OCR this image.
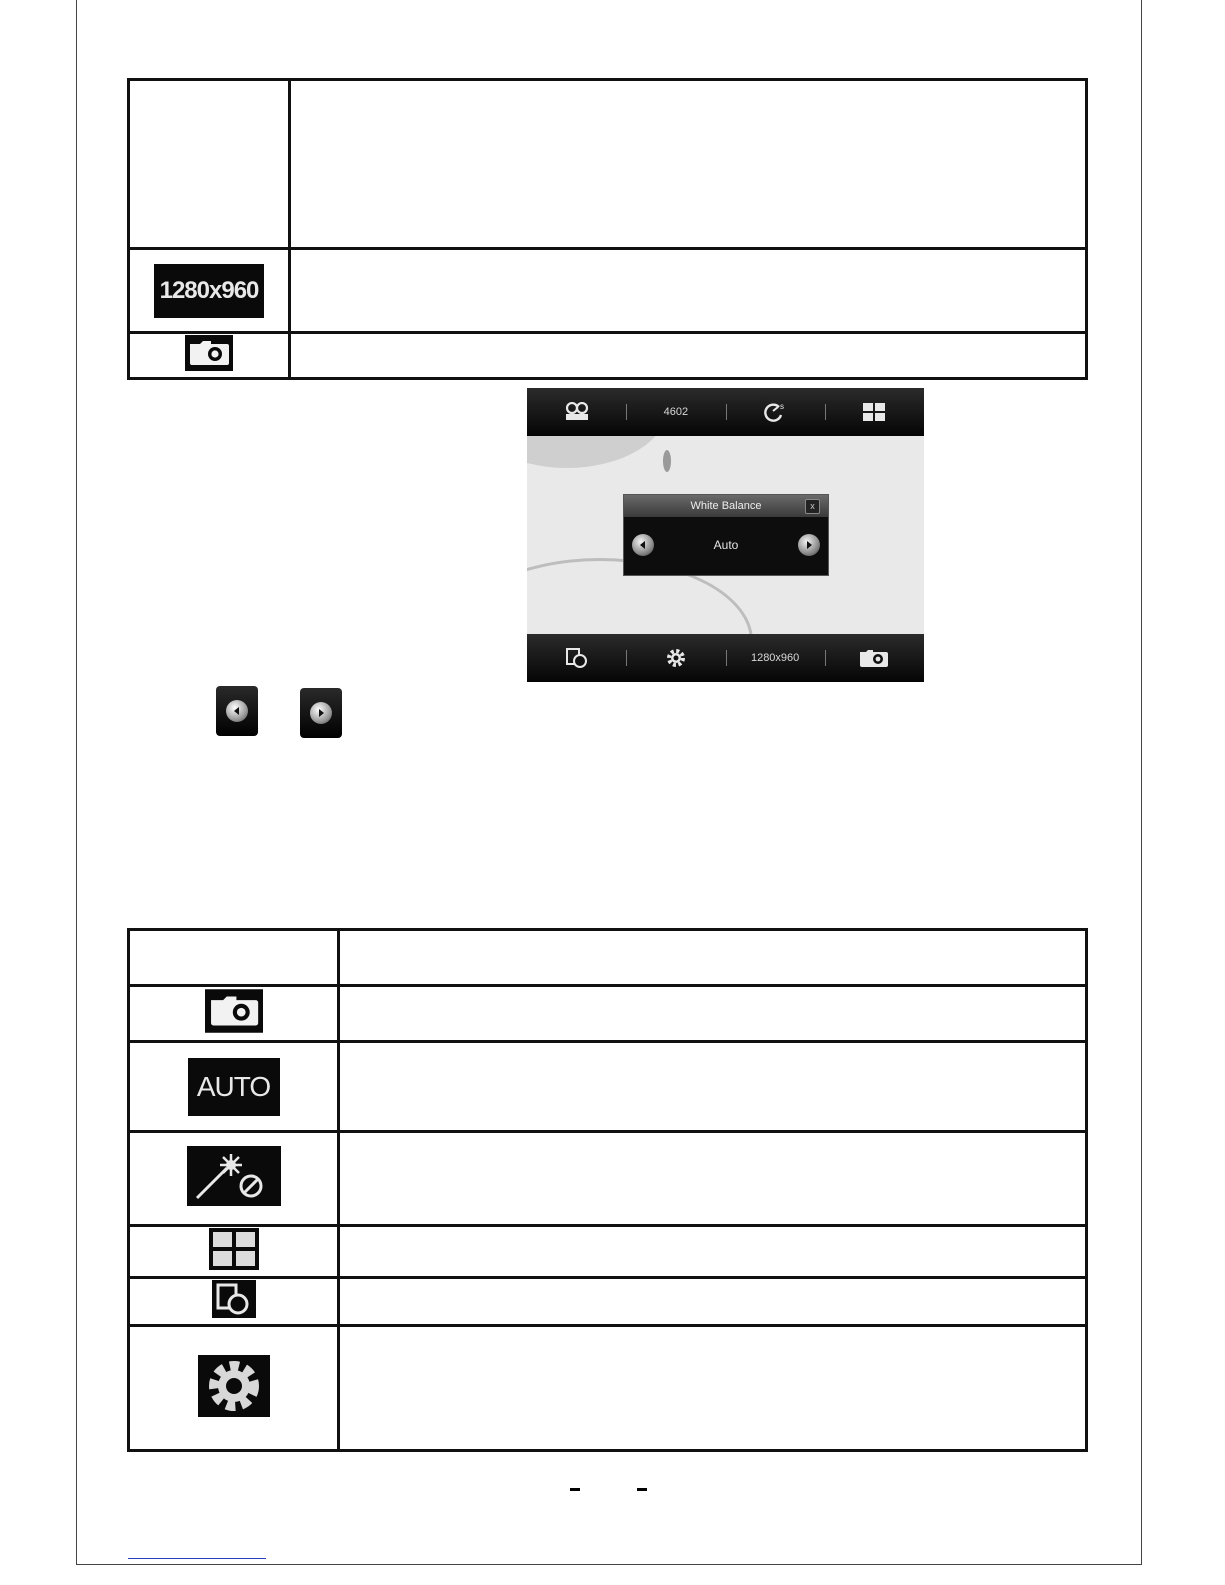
1280x960	

4602	s
White Balance	x
Auto
1280x960

AUTO	
